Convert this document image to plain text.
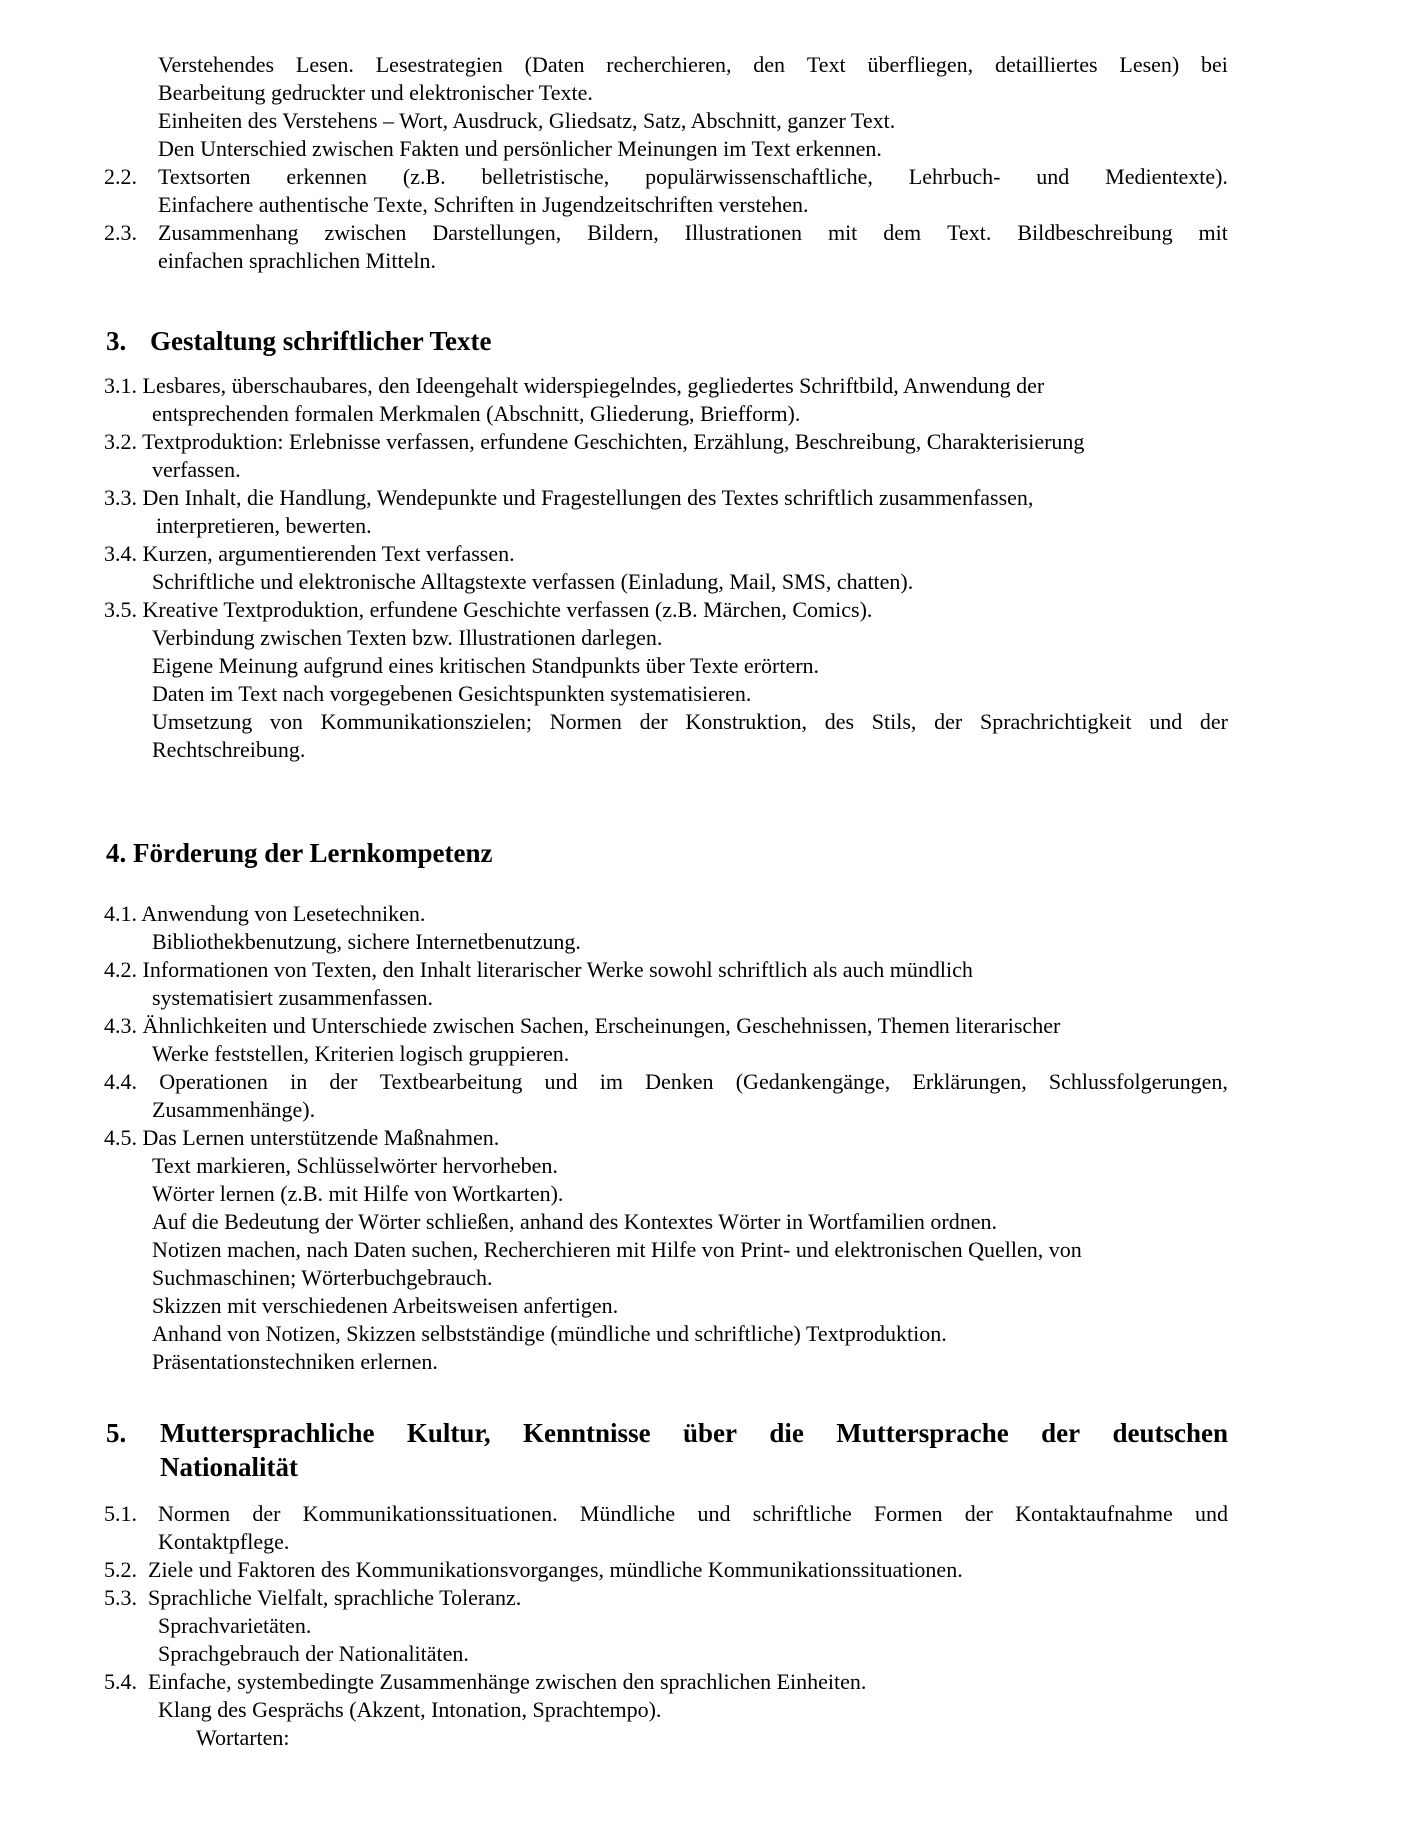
Verstehendes Lesen. Lesestrategien (Daten recherchieren, den Text überfliegen, detailliertes Lesen) bei

Bearbeitung gedruckter und elektronischer Texte.

Einheiten des Verstehens – Wort, Ausdruck, Gliedsatz, Satz, Abschnitt, ganzer Text.

Den Unterschied zwischen Fakten und persönlicher Meinungen im Text erkennen.

2.2. Textsorten erkennen (z.B. belletristische, populärwissenschaftliche, Lehrbuch- und Medientexte).

Einfachere authentische Texte, Schriften in Jugendzeitschriften verstehen.

2.3. Zusammenhang zwischen Darstellungen, Bildern, Illustrationen mit dem Text. Bildbeschreibung mit

einfachen sprachlichen Mitteln.

3. Gestaltung schriftlicher Texte

3.1. Lesbares, überschaubares, den Ideengehalt widerspiegelndes, gegliedertes Schriftbild, Anwendung der

entsprechenden formalen Merkmalen (Abschnitt, Gliederung, Briefform).

3.2. Textproduktion: Erlebnisse verfassen, erfundene Geschichten, Erzählung, Beschreibung, Charakterisierung

verfassen.

3.3. Den Inhalt, die Handlung, Wendepunkte und Fragestellungen des Textes schriftlich zusammenfassen,

interpretieren, bewerten.

3.4. Kurzen, argumentierenden Text verfassen.

Schriftliche und elektronische Alltagstexte verfassen (Einladung, Mail, SMS, chatten).

3.5. Kreative Textproduktion, erfundene Geschichte verfassen (z.B. Märchen, Comics).

Verbindung zwischen Texten bzw. Illustrationen darlegen.

Eigene Meinung aufgrund eines kritischen Standpunkts über Texte erörtern.

Daten im Text nach vorgegebenen Gesichtspunkten systematisieren.

Umsetzung von Kommunikationszielen; Normen der Konstruktion, des Stils, der Sprachrichtigkeit und der

Rechtschreibung.

4. Förderung der Lernkompetenz

4.1. Anwendung von Lesetechniken.

Bibliothekbenutzung, sichere Internetbenutzung.

4.2. Informationen von Texten, den Inhalt literarischer Werke sowohl schriftlich als auch mündlich

systematisiert zusammenfassen.

4.3. Ähnlichkeiten und Unterschiede zwischen Sachen, Erscheinungen, Geschehnissen, Themen literarischer

Werke feststellen, Kriterien logisch gruppieren.

4.4. Operationen in der Textbearbeitung und im Denken (Gedankengänge, Erklärungen, Schlussfolgerungen,

Zusammenhänge).

4.5. Das Lernen unterstützende Maßnahmen.

Text markieren, Schlüsselwörter hervorheben.

Wörter lernen (z.B. mit Hilfe von Wortkarten).

Auf die Bedeutung der Wörter schließen, anhand des Kontextes Wörter in Wortfamilien ordnen.

Notizen machen, nach Daten suchen, Recherchieren mit Hilfe von Print- und elektronischen Quellen, von

Suchmaschinen; Wörterbuchgebrauch.

Skizzen mit verschiedenen Arbeitsweisen anfertigen.

Anhand von Notizen, Skizzen selbstständige (mündliche und schriftliche) Textproduktion.

Präsentationstechniken erlernen.

5. Muttersprachliche Kultur, Kenntnisse über die Muttersprache der deutschen
Nationalität

5.1. Normen der Kommunikationssituationen. Mündliche und schriftliche Formen der Kontaktaufnahme und

Kontaktpflege.

5.2.  Ziele und Faktoren des Kommunikationsvorganges, mündliche Kommunikationssituationen.

5.3.  Sprachliche Vielfalt, sprachliche Toleranz.

Sprachvarietäten.

Sprachgebrauch der Nationalitäten.

5.4.  Einfache, systembedingte Zusammenhänge zwischen den sprachlichen Einheiten.

Klang des Gesprächs (Akzent, Intonation, Sprachtempo).

Wortarten:
